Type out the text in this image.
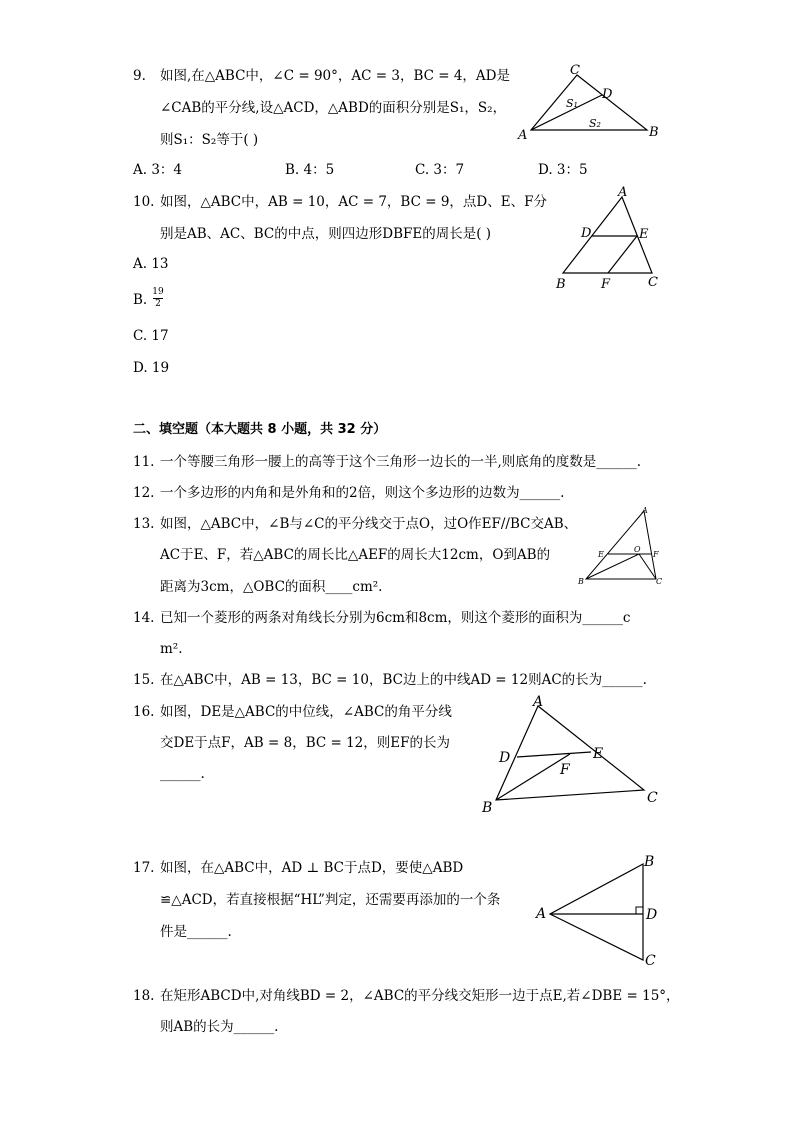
9. 如图,在△ABC中，∠C = 90°，AC = 3，BC = 4，AD是
∠CAB的平分线,设△ACD，△ABD的面积分别是S₁，S₂，
则S₁：S₂等于( )
A. 3：4	B. 4：5	C. 3：7	D. 3：5
C
D
A	B
S₁
S₂
10. 如图，△ABC中，AB = 10，AC = 7，BC = 9，点D、E、F分
别是AB、AC、BC的中点，则四边形DBFE的周长是( )
A. 13
B. 19
2
C. 17
D. 19
A
D	E
B	F	C
二、填空题（本大题共 8 小题，共 32 分）
11. 一个等腰三角形一腰上的高等于这个三角形一边长的一半,则底角的度数是______.
12. 一个多边形的内角和是外角和的2倍，则这个多边形的边数为______.
13. 如图，△ABC中，∠B与∠C的平分线交于点O，过O作EF//BC交AB、
AC于E、F，若△ABC的周长比△AEF的周长大12cm，O到AB的
距离为3cm，△OBC的面积____cm².
A
E
O
F
B	C
14. 已知一个菱形的两条对角线长分别为6cm和8cm，则这个菱形的面积为______c
m².
15. 在△ABC中，AB = 13，BC = 10，BC边上的中线AD = 12则AC的长为______.
16. 如图，DE是△ABC的中位线，∠ABC的角平分线
交DE于点F，AB = 8，BC = 12，则EF的长为
______.
A
D	E
F
B
C
17. 如图，在△ABC中，AD ⊥ BC于点D，要使△ABD
≌△ACD，若直接根据“HL”判定，还需要再添加的一个条
件是______.
B
A	D
C
18. 在矩形ABCD中,对角线BD = 2，∠ABC的平分线交矩形一边于点E,若∠DBE = 15°，
则AB的长为______.
